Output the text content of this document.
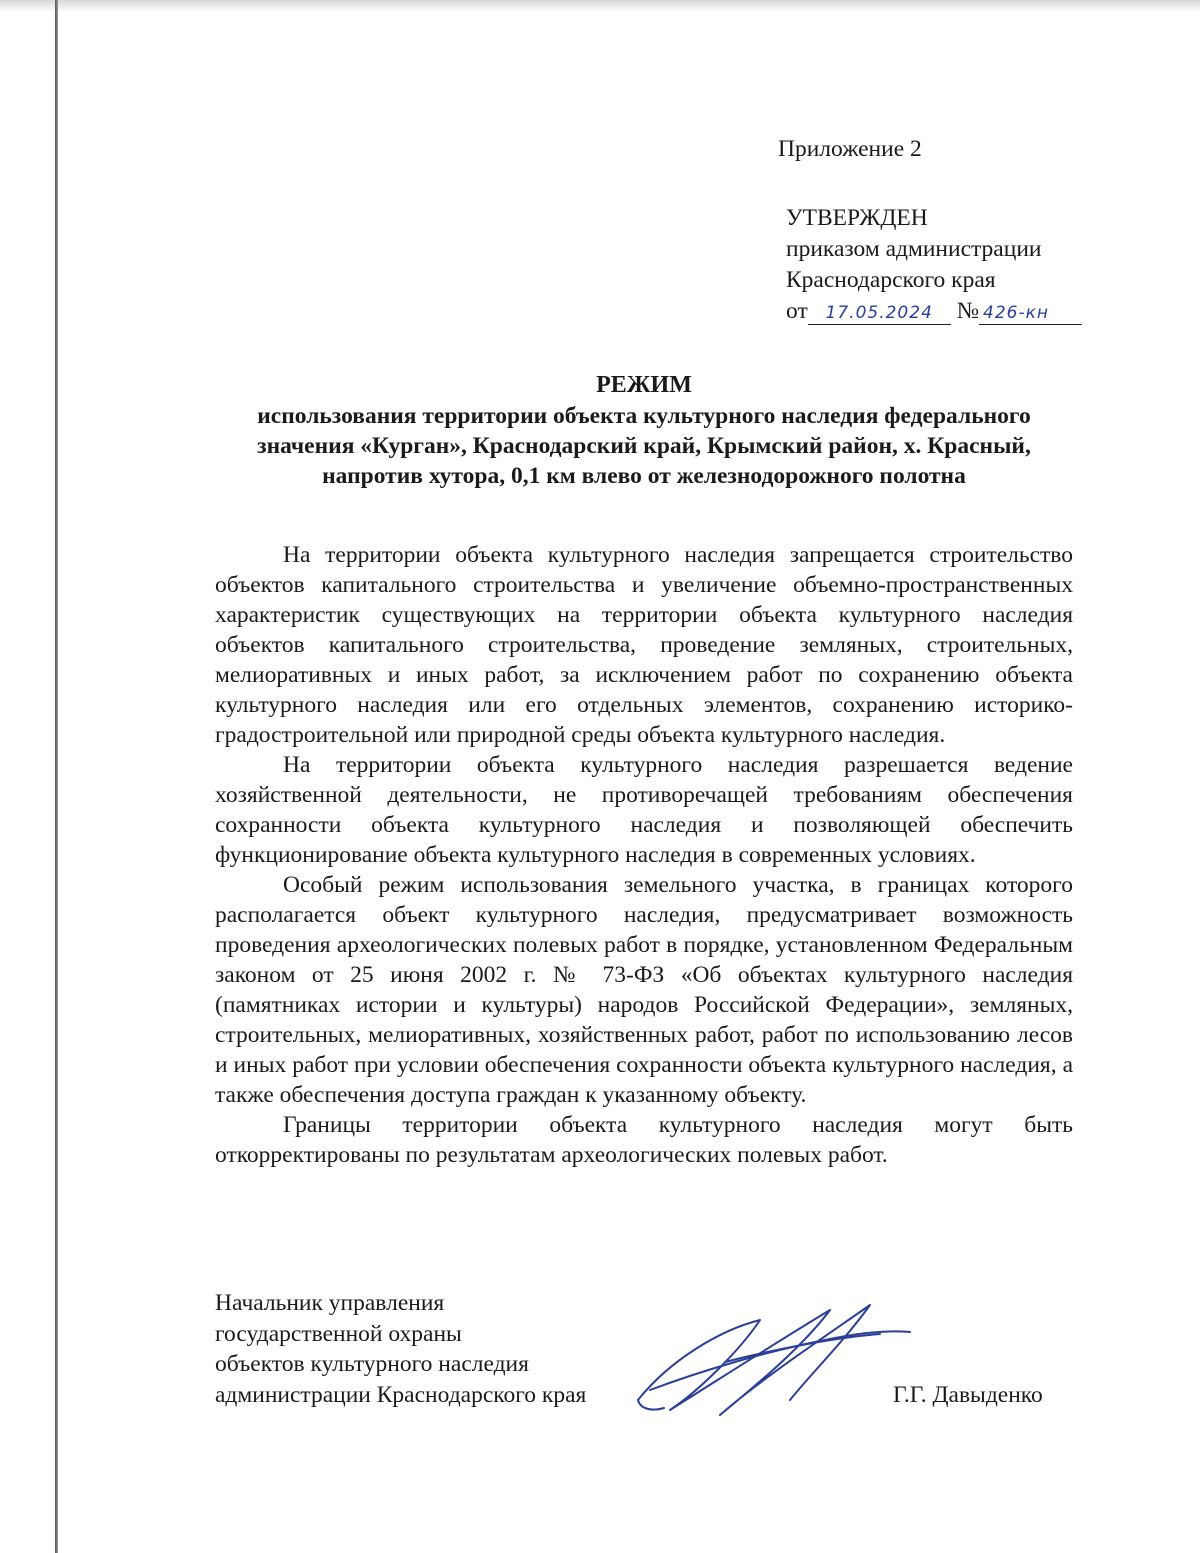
Приложение 2
УТВЕРЖДЕН
приказом администрации
Краснодарского края
от 17.05.2024 № 426-кн
РЕЖИМ
использования территории объекта культурного наследия федерального значения «Курган», Краснодарский край, Крымский район, х. Красный, напротив хутора, 0,1 км влево от железнодорожного полотна

На территории объекта культурного наследия запрещается строительство объектов капитального строительства и увеличение объемно-пространственных характеристик существующих на территории объекта культурного наследия объектов капитального строительства, проведение земляных, строительных, мелиоративных и иных работ, за исключением работ по сохранению объекта культурного наследия или его отдельных элементов, сохранению историко-градостроительной или природной среды объекта культурного наследия.

На территории объекта культурного наследия разрешается ведение хозяйственной деятельности, не противоречащей требованиям обеспечения сохранности объекта культурного наследия и позволяющей обеспечить функционирование объекта культурного наследия в современных условиях.

Особый режим использования земельного участка, в границах которого располагается объект культурного наследия, предусматривает возможность проведения археологических полевых работ в порядке, установленном Федеральным законом от 25 июня 2002 г. № 73-ФЗ «Об объектах культурного наследия (памятниках истории и культуры) народов Российской Федерации», земляных, строительных, мелиоративных, хозяйственных работ, работ по использованию лесов и иных работ при условии обеспечения сохранности объекта культурного наследия, а также обеспечения доступа граждан к указанному объекту.

Границы территории объекта культурного наследия могут быть откорректированы по результатам археологических полевых работ.

Начальник управления
государственной охраны
объектов культурного наследия
администрации Краснодарского края	Г.Г. Давыденко
